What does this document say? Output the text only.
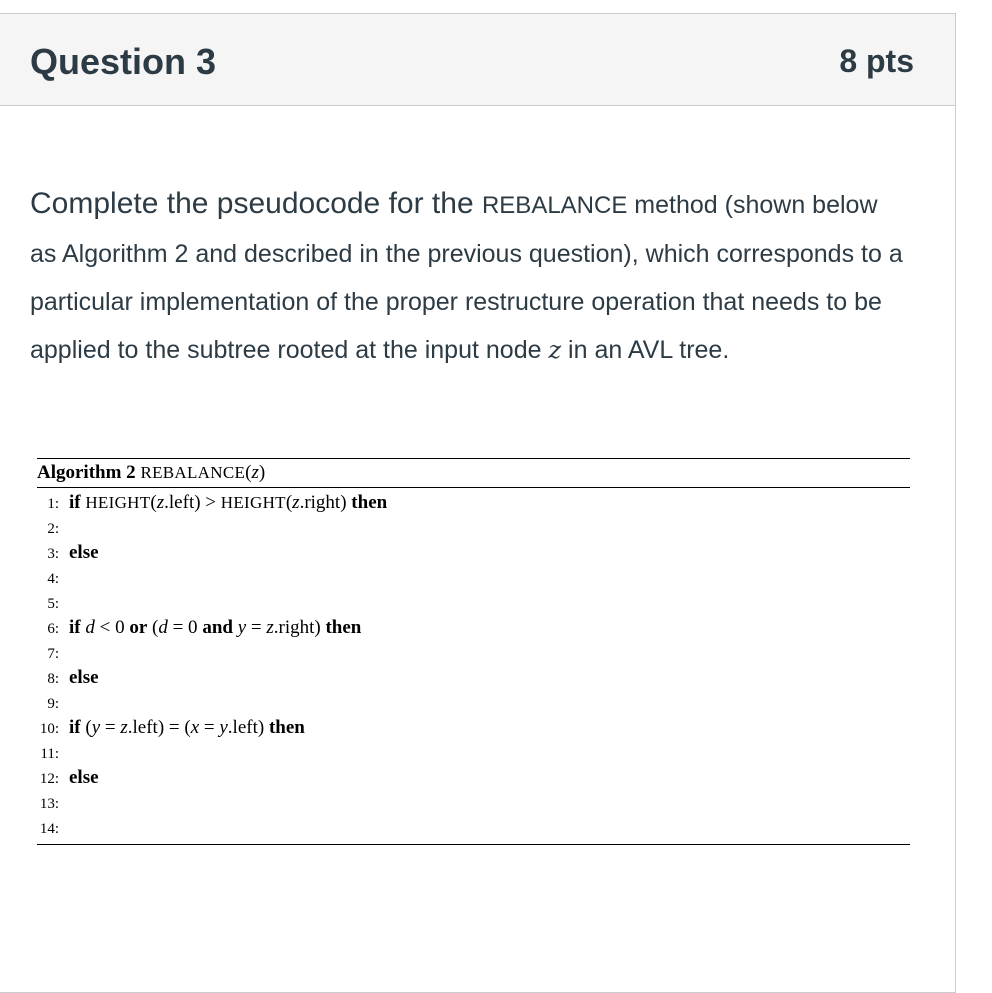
Question 3	8 pts
Complete the pseudocode for the REBALANCE method (shown below as Algorithm 2 and described in the previous question), which corresponds to a particular implementation of the proper restructure operation that needs to be applied to the subtree rooted at the input node z in an AVL tree.
Algorithm 2 REBALANCE(z)
1: if HEIGHT(z.left) > HEIGHT(z.right) then
2:
3: else
4:
5:
6: if d < 0 or (d = 0 and y = z.right) then
7:
8: else
9:
10: if (y = z.left) = (x = y.left) then
11:
12: else
13:
14:
